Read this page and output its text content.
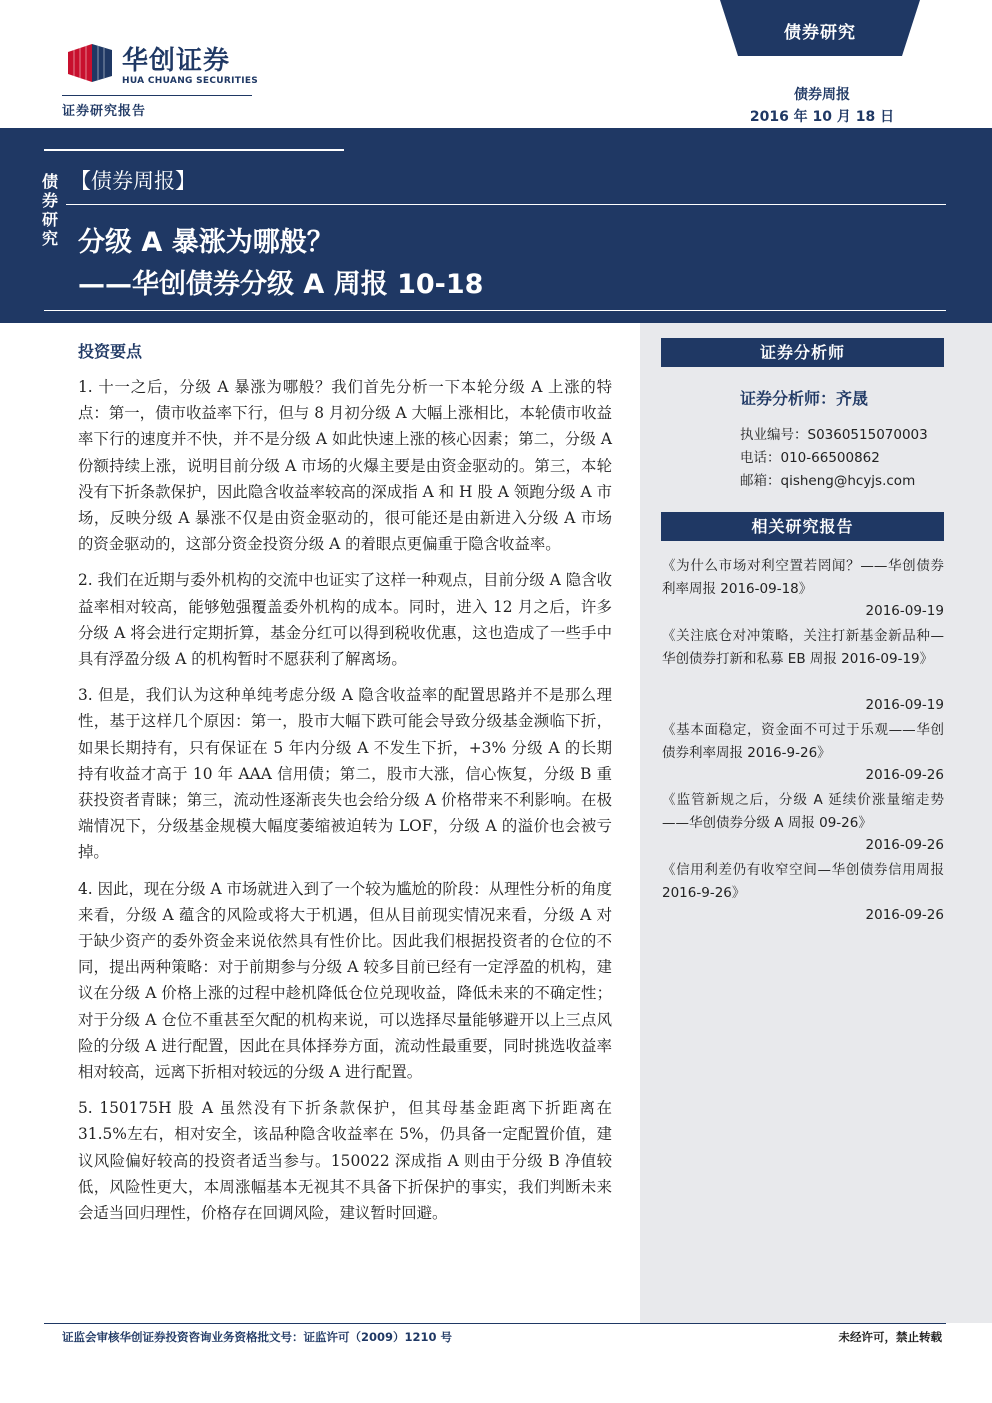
华创证券
HUA CHUANG SECURITIES
证券研究报告
债券研究
债券周报
2016 年 10 月 18 日
债
券
研
究
【债券周报】
分级 A 暴涨为哪般？
——华创债券分级 A 周报 10-18
投资要点

1. 十一之后，分级 A 暴涨为哪般？我们首先分析一下本轮分级 A 上涨的特点：第一，债市收益率下行，但与 8 月初分级 A 大幅上涨相比，本轮债市收益率下行的速度并不快，并不是分级 A 如此快速上涨的核心因素；第二，分级 A 份额持续上涨，说明目前分级 A 市场的火爆主要是由资金驱动的。第三，本轮没有下折条款保护，因此隐含收益率较高的深成指 A 和 H 股 A 领跑分级 A 市场，反映分级 A 暴涨不仅是由资金驱动的，很可能还是由新进入分级 A 市场的资金驱动的，这部分资金投资分级 A 的着眼点更偏重于隐含收益率。

2. 我们在近期与委外机构的交流中也证实了这样一种观点，目前分级 A 隐含收益率相对较高，能够勉强覆盖委外机构的成本。同时，进入 12 月之后，许多分级 A 将会进行定期折算，基金分红可以得到税收优惠，这也造成了一些手中具有浮盈分级 A 的机构暂时不愿获利了解离场。

3. 但是，我们认为这种单纯考虑分级 A 隐含收益率的配置思路并不是那么理性，基于这样几个原因：第一，股市大幅下跌可能会导致分级基金濒临下折，如果长期持有，只有保证在 5 年内分级 A 不发生下折，+3% 分级 A 的长期持有收益才高于 10 年 AAA 信用债；第二，股市大涨，信心恢复，分级 B 重获投资者青睐；第三，流动性逐渐丧失也会给分级 A 价格带来不利影响。在极端情况下，分级基金规模大幅度萎缩被迫转为 LOF，分级 A 的溢价也会被亏掉。

4. 因此，现在分级 A 市场就进入到了一个较为尴尬的阶段：从理性分析的角度来看，分级 A 蕴含的风险或将大于机遇，但从目前现实情况来看，分级 A 对于缺少资产的委外资金来说依然具有性价比。因此我们根据投资者的仓位的不同，提出两种策略：对于前期参与分级 A 较多目前已经有一定浮盈的机构，建议在分级 A 价格上涨的过程中趁机降低仓位兑现收益，降低未来的不确定性；对于分级 A 仓位不重甚至欠配的机构来说，可以选择尽量能够避开以上三点风险的分级 A 进行配置，因此在具体择券方面，流动性最重要，同时挑选收益率相对较高，远离下折相对较远的分级 A 进行配置。

5. 150175H 股 A 虽然没有下折条款保护，但其母基金距离下折距离在 31.5%左右，相对安全，该品种隐含收益率在 5%，仍具备一定配置价值，建议风险偏好较高的投资者适当参与。150022 深成指 A 则由于分级 B 净值较低，风险性更大，本周涨幅基本无视其不具备下折保护的事实，我们判断未来会适当回归理性，价格存在回调风险，建议暂时回避。

证券分析师
证券分析师：齐晟
执业编号：S0360515070003
电话：010-66500862
邮箱：qisheng@hcyjs.com
相关研究报告
《为什么市场对利空置若罔闻？——华创债券利率周报 2016-09-18》
2016-09-19
《关注底仓对冲策略，关注打新基金新品种— 华创债券打新和私募 EB 周报 2016-09-19》
2016-09-19
《基本面稳定，资金面不可过于乐观——华创债券利率周报 2016-9-26》
2016-09-26
《监管新规之后，分级 A 延续价涨量缩走势——华创债券分级 A 周报 09-26》
2016-09-26
《信用利差仍有收窄空间—华创债券信用周报 2016-9-26》
2016-09-26
证监会审核华创证券投资咨询业务资格批文号：证监许可（2009）1210 号	未经许可，禁止转载
